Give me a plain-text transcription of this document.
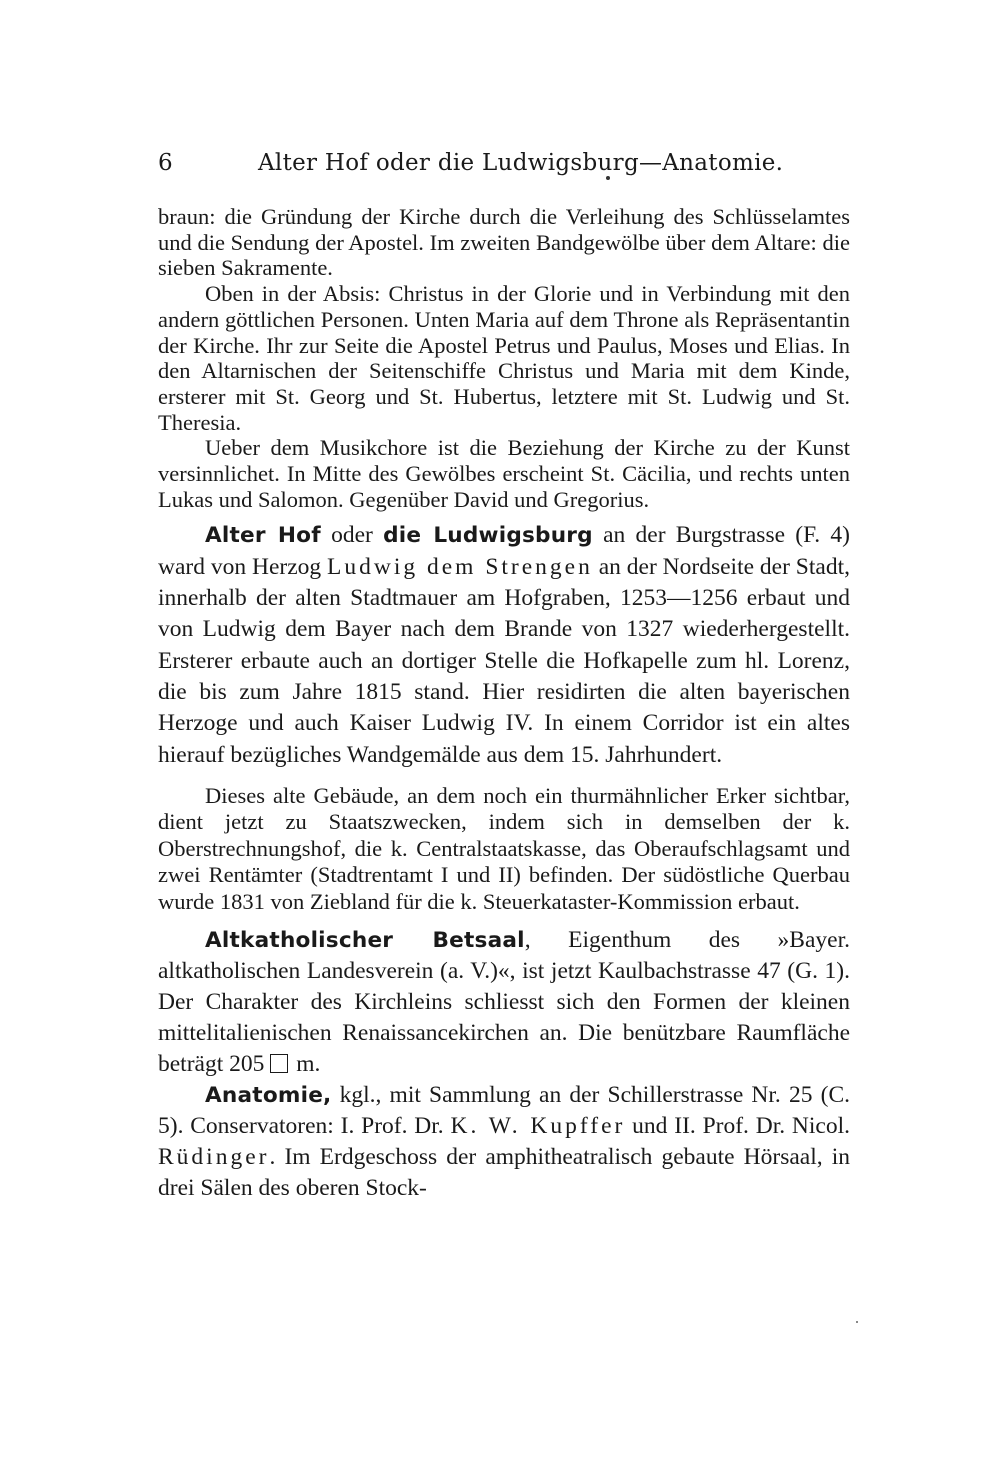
6	Alter Hof oder die Ludwigsburg—Anatomie.

braun: die Gründung der Kirche durch die Verleihung des Schlüsselamtes und die Sendung der Apostel. Im zweiten Bandgewölbe über dem Altare: die sieben Sakramente.

Oben in der Absis: Christus in der Glorie und in Verbindung mit den andern göttlichen Personen. Unten Maria auf dem Throne als Repräsentantin der Kirche. Ihr zur Seite die Apostel Petrus und Paulus, Moses und Elias. In den Altarnischen der Seitenschiffe Christus und Maria mit dem Kinde, ersterer mit St. Georg und St. Hubertus, letztere mit St. Ludwig und St. Theresia.

Ueber dem Musikchore ist die Beziehung der Kirche zu der Kunst versinnlichet. In Mitte des Gewölbes erscheint St. Cäcilia, und rechts unten Lukas und Salomon. Gegenüber David und Gregorius.

Alter Hof oder die Ludwigsburg an der Burgstrasse (F. 4) ward von Herzog Ludwig dem Strengen an der Nordseite der Stadt, innerhalb der alten Stadtmauer am Hofgraben, 1253—1256 erbaut und von Ludwig dem Bayer nach dem Brande von 1327 wiederhergestellt. Ersterer erbaute auch an dortiger Stelle die Hofkapelle zum hl. Lorenz, die bis zum Jahre 1815 stand. Hier residirten die alten bayerischen Herzoge und auch Kaiser Ludwig IV. In einem Corridor ist ein altes hierauf bezügliches Wandgemälde aus dem 15. Jahrhundert.

Dieses alte Gebäude, an dem noch ein thurmähnlicher Erker sichtbar, dient jetzt zu Staatszwecken, indem sich in demselben der k. Oberstrechnungshof, die k. Centralstaatskasse, das Oberaufschlagsamt und zwei Rentämter (Stadtrentamt I und II) befinden. Der südöstliche Querbau wurde 1831 von Ziebland für die k. Steuerkataster-Kommission erbaut.

Altkatholischer Betsaal, Eigenthum des »Bayer. altkatholischen Landesverein (a. V.)«, ist jetzt Kaulbachstrasse 47 (G. 1). Der Charakter des Kirchleins schliesst sich den Formen der kleinen mittelitalienischen Renaissancekirchen an. Die benützbare Raumfläche beträgt 205 m.

Anatomie, kgl., mit Sammlung an der Schillerstrasse Nr. 25 (C. 5). Conservatoren: I. Prof. Dr. K. W. Kupffer und II. Prof. Dr. Nicol. Rüdinger. Im Erdgeschoss der amphitheatralisch gebaute Hörsaal, in drei Sälen des oberen Stock-
